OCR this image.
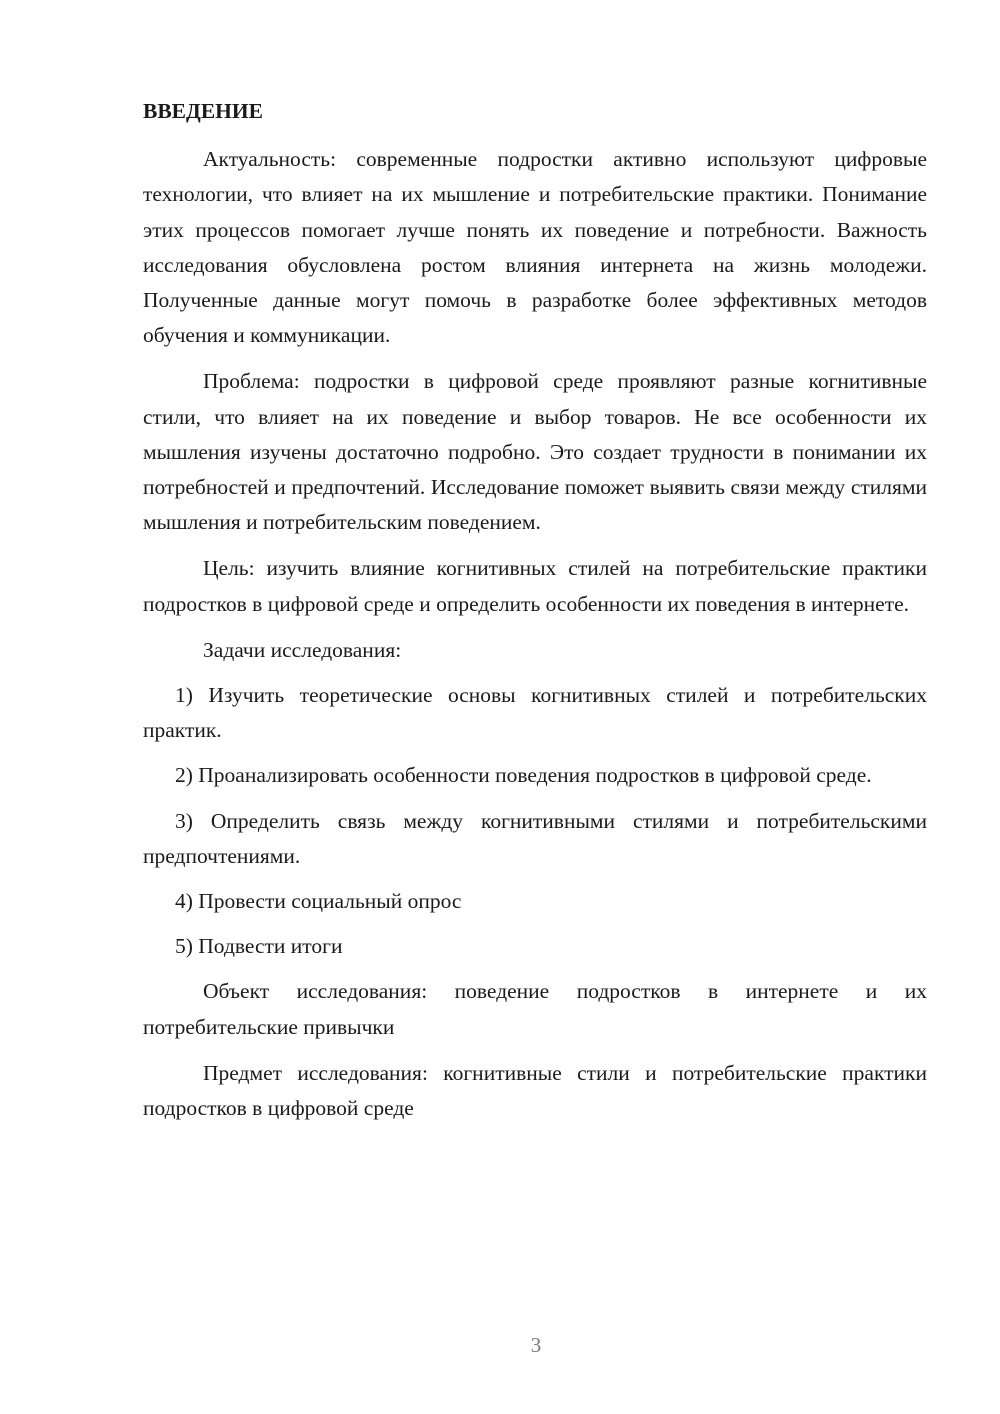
ВВЕДЕНИЕ

Актуальность: современные подростки активно используют цифровые технологии, что влияет на их мышление и потребительские практики. Понимание этих процессов помогает лучше понять их поведение и потребности. Важность исследования обусловлена ростом влияния интернета на жизнь молодежи. Полученные данные могут помочь в разработке более эффективных методов обучения и коммуникации.

Проблема: подростки в цифровой среде проявляют разные когнитивные стили, что влияет на их поведение и выбор товаров. Не все особенности их мышления изучены достаточно подробно. Это создает трудности в понимании их потребностей и предпочтений. Исследование поможет выявить связи между стилями мышления и потребительским поведением.

Цель: изучить влияние когнитивных стилей на потребительские практики подростков в цифровой среде и определить особенности их поведения в интернете.

Задачи исследования:

1) Изучить теоретические основы когнитивных стилей и потребительских практик.

2) Проанализировать особенности поведения подростков в цифровой среде.

3) Определить связь между когнитивными стилями и потребительскими предпочтениями.

4) Провести социальный опрос

5) Подвести итоги

Объект исследования: поведение подростков в интернете и их потребительские привычки

Предмет исследования: когнитивные стили и потребительские практики подростков в цифровой среде

3
